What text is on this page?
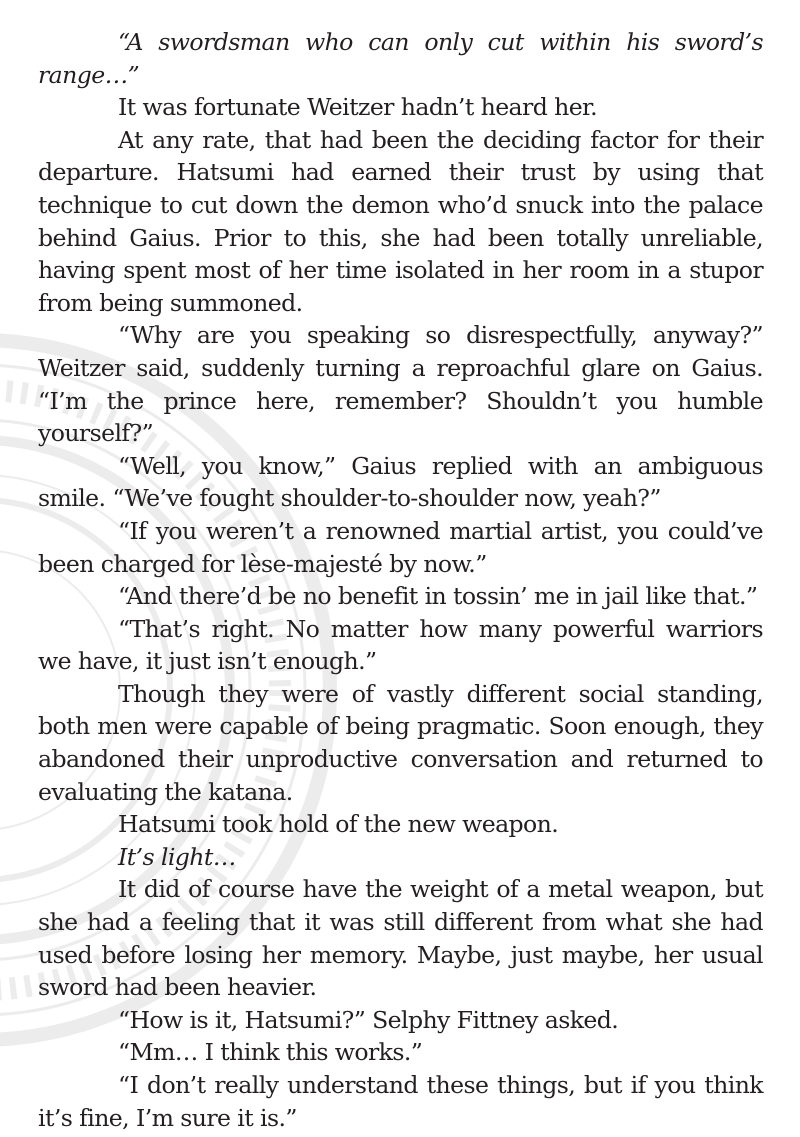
“A swordsman who can only cut within his sword’s range…”

It was fortunate Weitzer hadn’t heard her.

At any rate, that had been the deciding factor for their departure. Hatsumi had earned their trust by using that technique to cut down the demon who’d snuck into the palace behind Gaius. Prior to this, she had been totally unreliable, having spent most of her time isolated in her room in a stupor from being summoned.

“Why are you speaking so disrespectfully, anyway?” Weitzer said, suddenly turning a reproachful glare on Gaius. “I’m the prince here, remember? Shouldn’t you humble yourself?”

“Well, you know,” Gaius replied with an ambiguous smile. “We’ve fought shoulder-to-shoulder now, yeah?”

“If you weren’t a renowned martial artist, you could’ve been charged for lèse-majesté by now.”

“And there’d be no benefit in tossin’ me in jail like that.”

“That’s right. No matter how many powerful warriors we have, it just isn’t enough.”

Though they were of vastly different social standing, both men were capable of being pragmatic. Soon enough, they abandoned their unproductive conversation and returned to evaluating the katana.

Hatsumi took hold of the new weapon.

It’s light…

It did of course have the weight of a metal weapon, but she had a feeling that it was still different from what she had used before losing her memory. Maybe, just maybe, her usual sword had been heavier.

“How is it, Hatsumi?” Selphy Fittney asked.

“Mm… I think this works.”

“I don’t really understand these things, but if you think it’s fine, I’m sure it is.”
